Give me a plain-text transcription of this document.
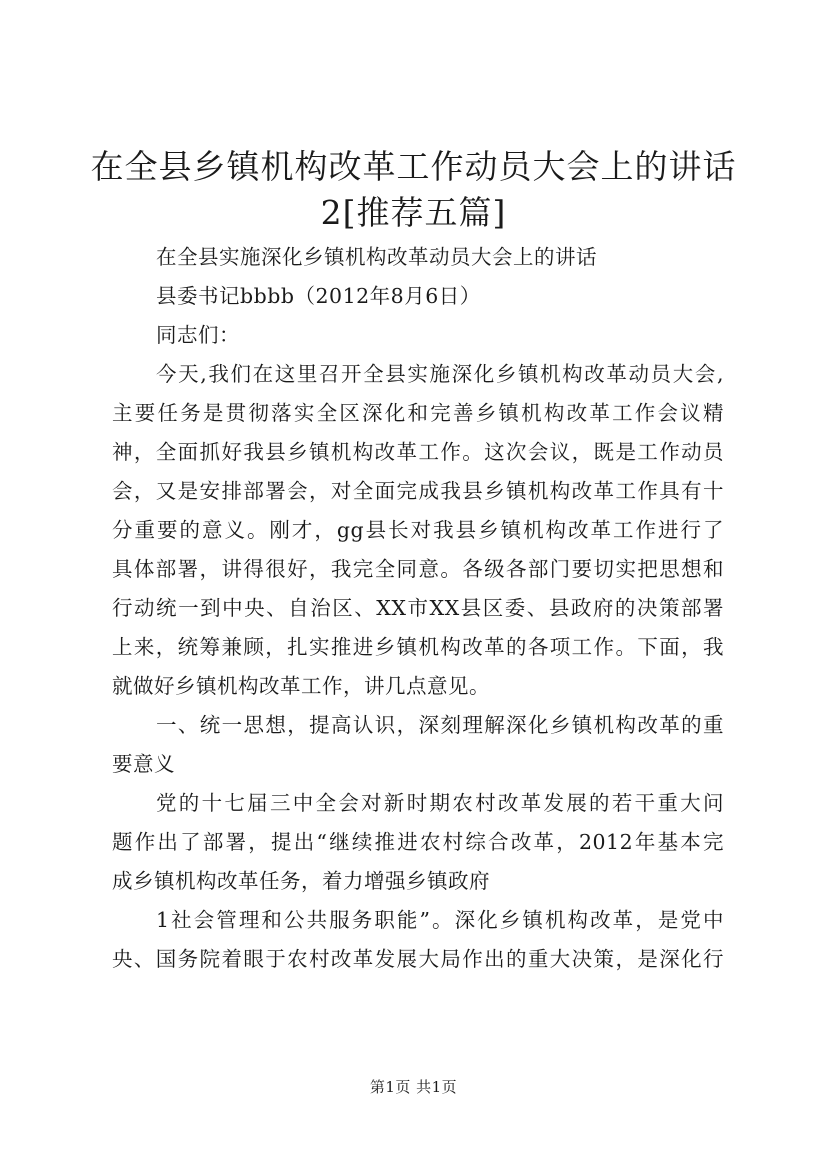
在全县乡镇机构改革工作动员大会上的讲话
2[推荐五篇]
在全县实施深化乡镇机构改革动员大会上的讲话
县委书记bbbb（2012年8月6日）
同志们：
今天,我们在这里召开全县实施深化乡镇机构改革动员大会,
主要任务是贯彻落实全区深化和完善乡镇机构改革工作会议精
神，全面抓好我县乡镇机构改革工作。这次会议，既是工作动员
会，又是安排部署会，对全面完成我县乡镇机构改革工作具有十
分重要的意义。刚才，gg县长对我县乡镇机构改革工作进行了
具体部署，讲得很好，我完全同意。各级各部门要切实把思想和
行动统一到中央、自治区、XX市XX县区委、县政府的决策部署
上来，统筹兼顾，扎实推进乡镇机构改革的各项工作。下面，我
就做好乡镇机构改革工作，讲几点意见。
一、统一思想，提高认识，深刻理解深化乡镇机构改革的重
要意义
党的十七届三中全会对新时期农村改革发展的若干重大问
题作出了部署，提出“继续推进农村综合改革，2012年基本完
成乡镇机构改革任务，着力增强乡镇政府
1社会管理和公共服务职能”。深化乡镇机构改革，是党中
央、国务院着眼于农村改革发展大局作出的重大决策，是深化行
第1页 共1页
